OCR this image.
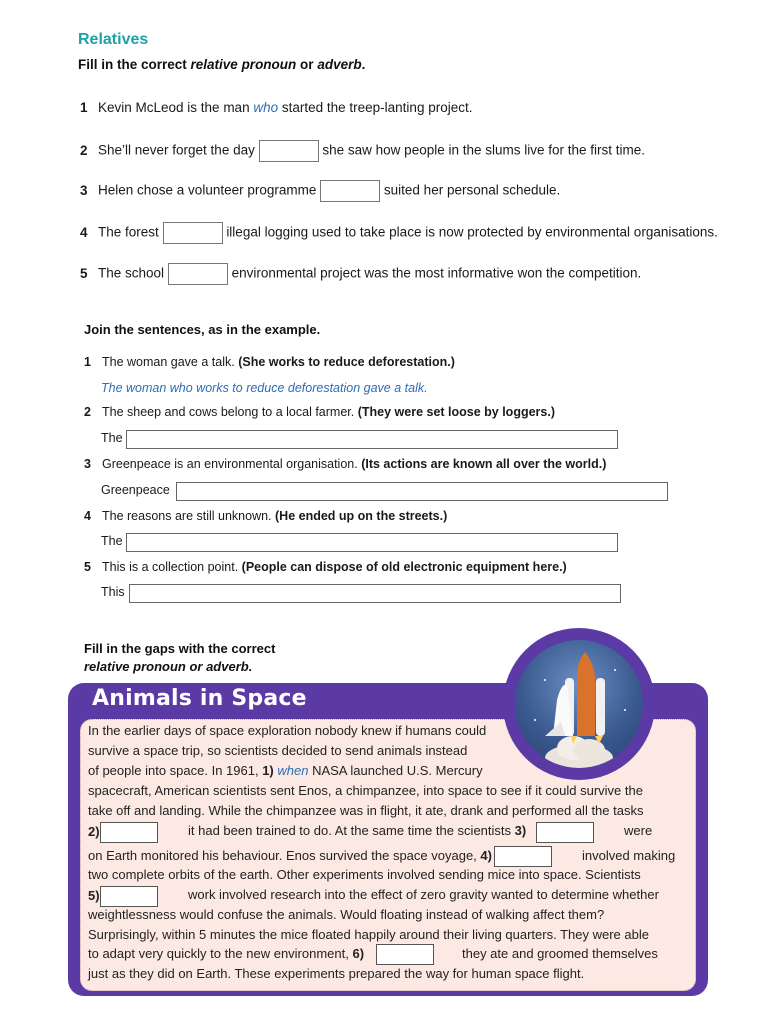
Relatives
Fill in the correct relative pronoun or adverb.
1 Kevin McLeod is the man who started the treep-lanting project.
2 She’ll never forget the day	she saw how people in the slums live for the first time.
3 Helen chose a volunteer programme	suited her personal schedule.
4 The forest	illegal logging used to take place is now protected by environmental organisations.
5 The school	environmental project was the most informative won the competition.
Join the sentences, as in the example.
1 The woman gave a talk. (She works to reduce deforestation.)
The woman who works to reduce deforestation gave a talk.
2 The sheep and cows belong to a local farmer. (They were set loose by loggers.)
The
3 Greenpeace is an environmental organisation. (Its actions are known all over the world.)
Greenpeace
4 The reasons are still unknown. (He ended up on the streets.)
The
5 This is a collection point. (People can dispose of old electronic equipment here.)
This
Fill in the gaps with the correct
relative pronoun or adverb.
Animals in Space
In the earlier days of space exploration nobody knew if humans could
survive a space trip, so scientists decided to send animals instead
of people into space. In 1961, 1) when NASA launched U.S. Mercury
spacecraft, American scientists sent Enos, a chimpanzee, into space to see if it could survive the
take off and landing. While the chimpanzee was in flight, it ate, drank and performed all the tasks
2)	it had been trained to do. At the same time the scientists 3)	were
on Earth monitored his behaviour. Enos survived the space voyage, 4)	involved making
two complete orbits of the earth. Other experiments involved sending mice into space. Scientists
5)	work involved research into the effect of zero gravity wanted to determine whether
weightlessness would confuse the animals. Would floating instead of walking affect them?
Surprisingly, within 5 minutes the mice floated happily around their living quarters. They were able
to adapt very quickly to the new environment, 6)	they ate and groomed themselves
just as they did on Earth. These experiments prepared the way for human space flight.
